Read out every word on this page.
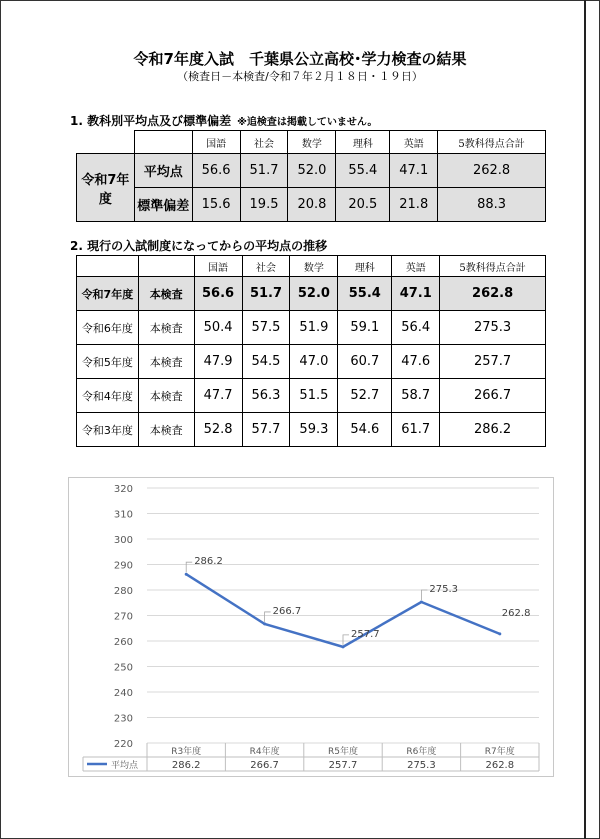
令和7年度入試　千葉県公立高校･学力検査の結果
（検査日－本検査/令和７年２月１８日・１９日）
1. 教科別平均点及び標準偏差 ※追検査は掲載していません。
		国語	社会	数学	理科	英語	5教科得点合計
令和7年度	平均点	56.6	51.7	52.0	55.4	47.1	262.8
	標準偏差	15.6	19.5	20.8	20.5	21.8	88.3
2. 現行の入試制度になってからの平均点の推移
		国語	社会	数学	理科	英語	5教科得点合計
令和7年度	本検査	56.6	51.7	52.0	55.4	47.1	262.8
令和6年度	本検査	50.4	57.5	51.9	59.1	56.4	275.3
令和5年度	本検査	47.9	54.5	47.0	60.7	47.6	257.7
令和4年度	本検査	47.7	56.3	51.5	52.7	58.7	266.7
令和3年度	本検査	52.8	57.7	59.3	54.6	61.7	286.2
220
230
240
250
260
270
280
290
300
310
320
R3年度	R4年度	R5年度	R6年度	R7年度
286.2
266.7
257.7
275.3
262.8
平均点	286.2	266.7	257.7	275.3	262.8
